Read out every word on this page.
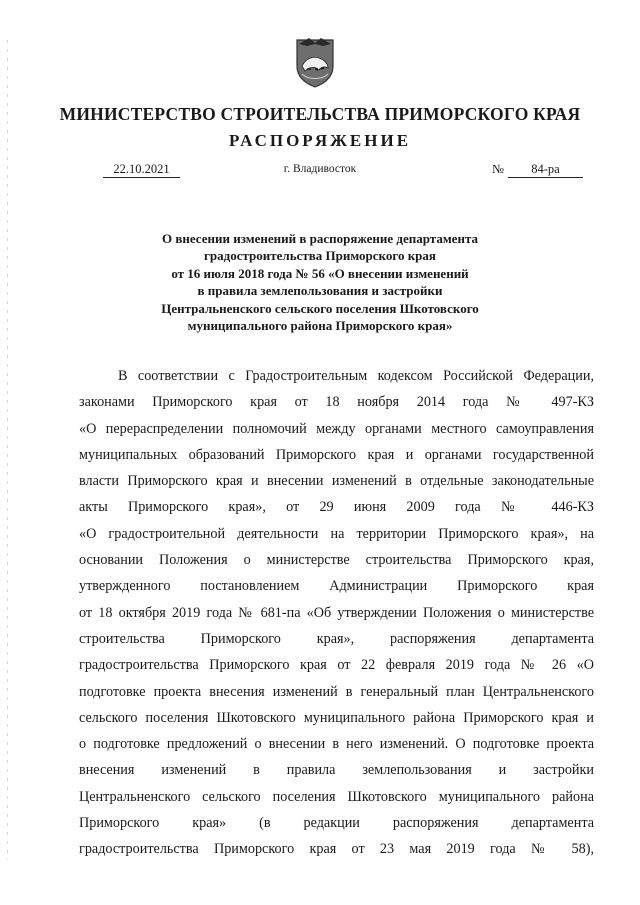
МИНИСТЕРСТВО СТРОИТЕЛЬСТВА ПРИМОРСКОГО КРАЯ
РАСПОРЯЖЕНИЕ
22.10.2021	г. Владивосток	№	84-ра
О внесении изменений в распоряжение департамента
градостроительства Приморского края
от 16 июля 2018 года № 56 «О внесении изменений
в правила землепользования и застройки
Центральненского сельского поселения Шкотовского
муниципального района Приморского края»
В соответствии с Градостроительным кодексом Российской Федерации,
законами Приморского края от 18 ноября 2014 года № 497-КЗ
«О перераспределении полномочий между органами местного самоуправления
муниципальных образований Приморского края и органами государственной
власти Приморского края и внесении изменений в отдельные законодательные
акты Приморского края», от 29 июня 2009 года № 446-КЗ
«О градостроительной деятельности на территории Приморского края», на
основании Положения о министерстве строительства Приморского края,
утвержденного постановлением Администрации Приморского края
от 18 октября 2019 года № 681-па «Об утверждении Положения о министерстве
строительства Приморского края», распоряжения департамента
градостроительства Приморского края от 22 февраля 2019 года № 26 «О
подготовке проекта внесения изменений в генеральный план Центральненского
сельского поселения Шкотовского муниципального района Приморского края и
о подготовке предложений о внесении в него изменений. О подготовке проекта
внесения изменений в правила землепользования и застройки
Центральненского сельского поселения Шкотовского муниципального района
Приморского края» (в редакции распоряжения департамента
градостроительства Приморского края от 23 мая 2019 года № 58),
